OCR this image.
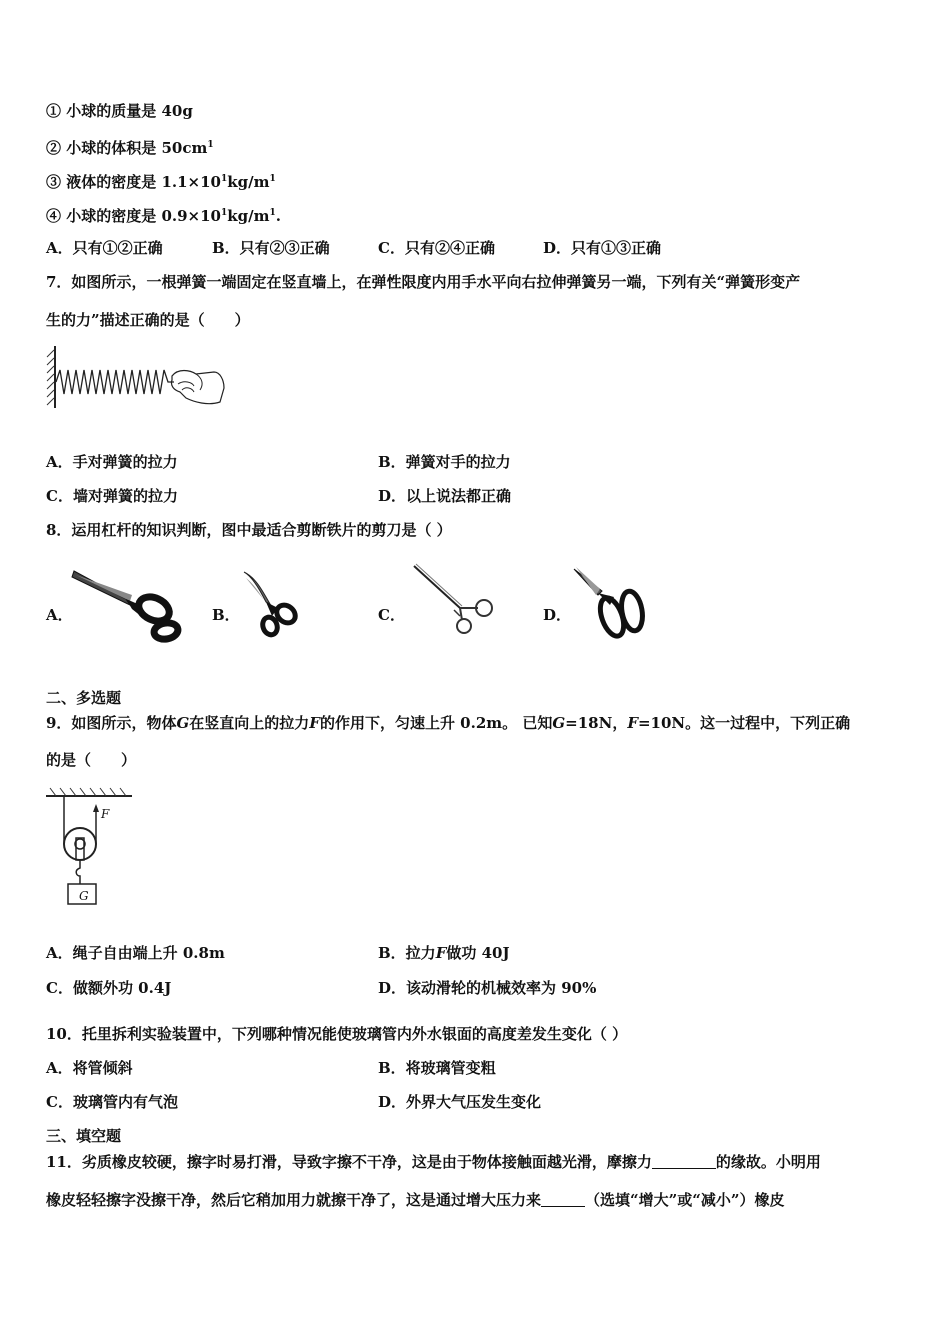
① 小球的质量是 40g
② 小球的体积是 $50cm^1$
③ 液体的密度是 $1.1\times 10^1kg/m^1$
④ 小球的密度是 $0.9\times 10^1kg/m^1$.
A．只有①②正确	B．只有②③正确	C．只有②④正确	D．只有①③正确
7．如图所示，一根弹簧一端固定在竖直墙上，在弹性限度内用手水平向右拉伸弹簧另一端，下列有关“弹簧形变产
生的力”描述正确的是（　　）
A．手对弹簧的拉力	B．弹簧对手的拉力
C．墙对弹簧的拉力	D．以上说法都正确
8．运用杠杆的知识判断，图中最适合剪断铁片的剪刀是（ ）
A．	B．	C．	D．
二、多选题
9．如图所示，物体G在竖直向上的拉力F的作用下，匀速上升 0.2m。 已知G=18N，F=10N。这一过程中，下列正确
的是（　　）
F
G
A．绳子自由端上升 0.8m	B．拉力F做功 40J
C．做额外功 0.4J	D．该动滑轮的机械效率为 90%
10．托里拆利实验装置中，下列哪种情况能使玻璃管内外水银面的高度差发生变化（ ）
A．将管倾斜	B．将玻璃管变粗
C．玻璃管内有气泡	D．外界大气压发生变化
三、填空题
11．劣质橡皮较硬，擦字时易打滑，导致字擦不干净，这是由于物体接触面越光滑，摩擦力	的缘故。小明用
橡皮轻轻擦字没擦干净，然后它稍加用力就擦干净了，这是通过增大压力来	（选填“增大”或“减小”）橡皮
